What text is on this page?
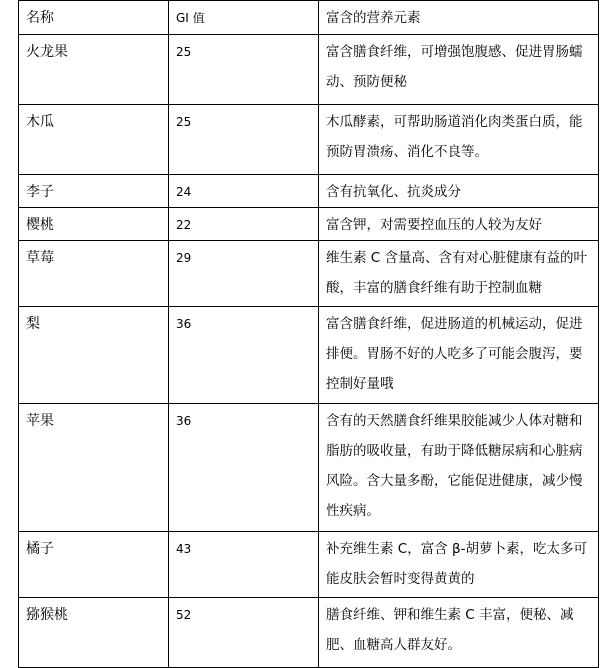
名称	GI 值	富含的营养元素
火龙果	25	富含膳食纤维，可增强饱腹感、促进胃肠蠕动、预防便秘
木瓜	25	木瓜酵素，可帮助肠道消化肉类蛋白质，能预防胃溃疡、消化不良等。
李子	24	含有抗氧化、抗炎成分
樱桃	22	富含钾，对需要控血压的人较为友好
草莓	29	维生素 C 含量高、含有对心脏健康有益的叶酸，丰富的膳食纤维有助于控制血糖
梨	36	富含膳食纤维，促进肠道的机械运动，促进排便。胃肠不好的人吃多了可能会腹泻，要控制好量哦
苹果	36	含有的天然膳食纤维果胶能减少人体对糖和脂肪的吸收量，有助于降低糖尿病和心脏病风险。含大量多酚，它能促进健康，减少慢性疾病。
橘子	43	补充维生素 C，富含 β-胡萝卜素，吃太多可能皮肤会暂时变得黄黄的
猕猴桃	52	膳食纤维、钾和维生素 C 丰富，便秘、减肥、血糖高人群友好。
